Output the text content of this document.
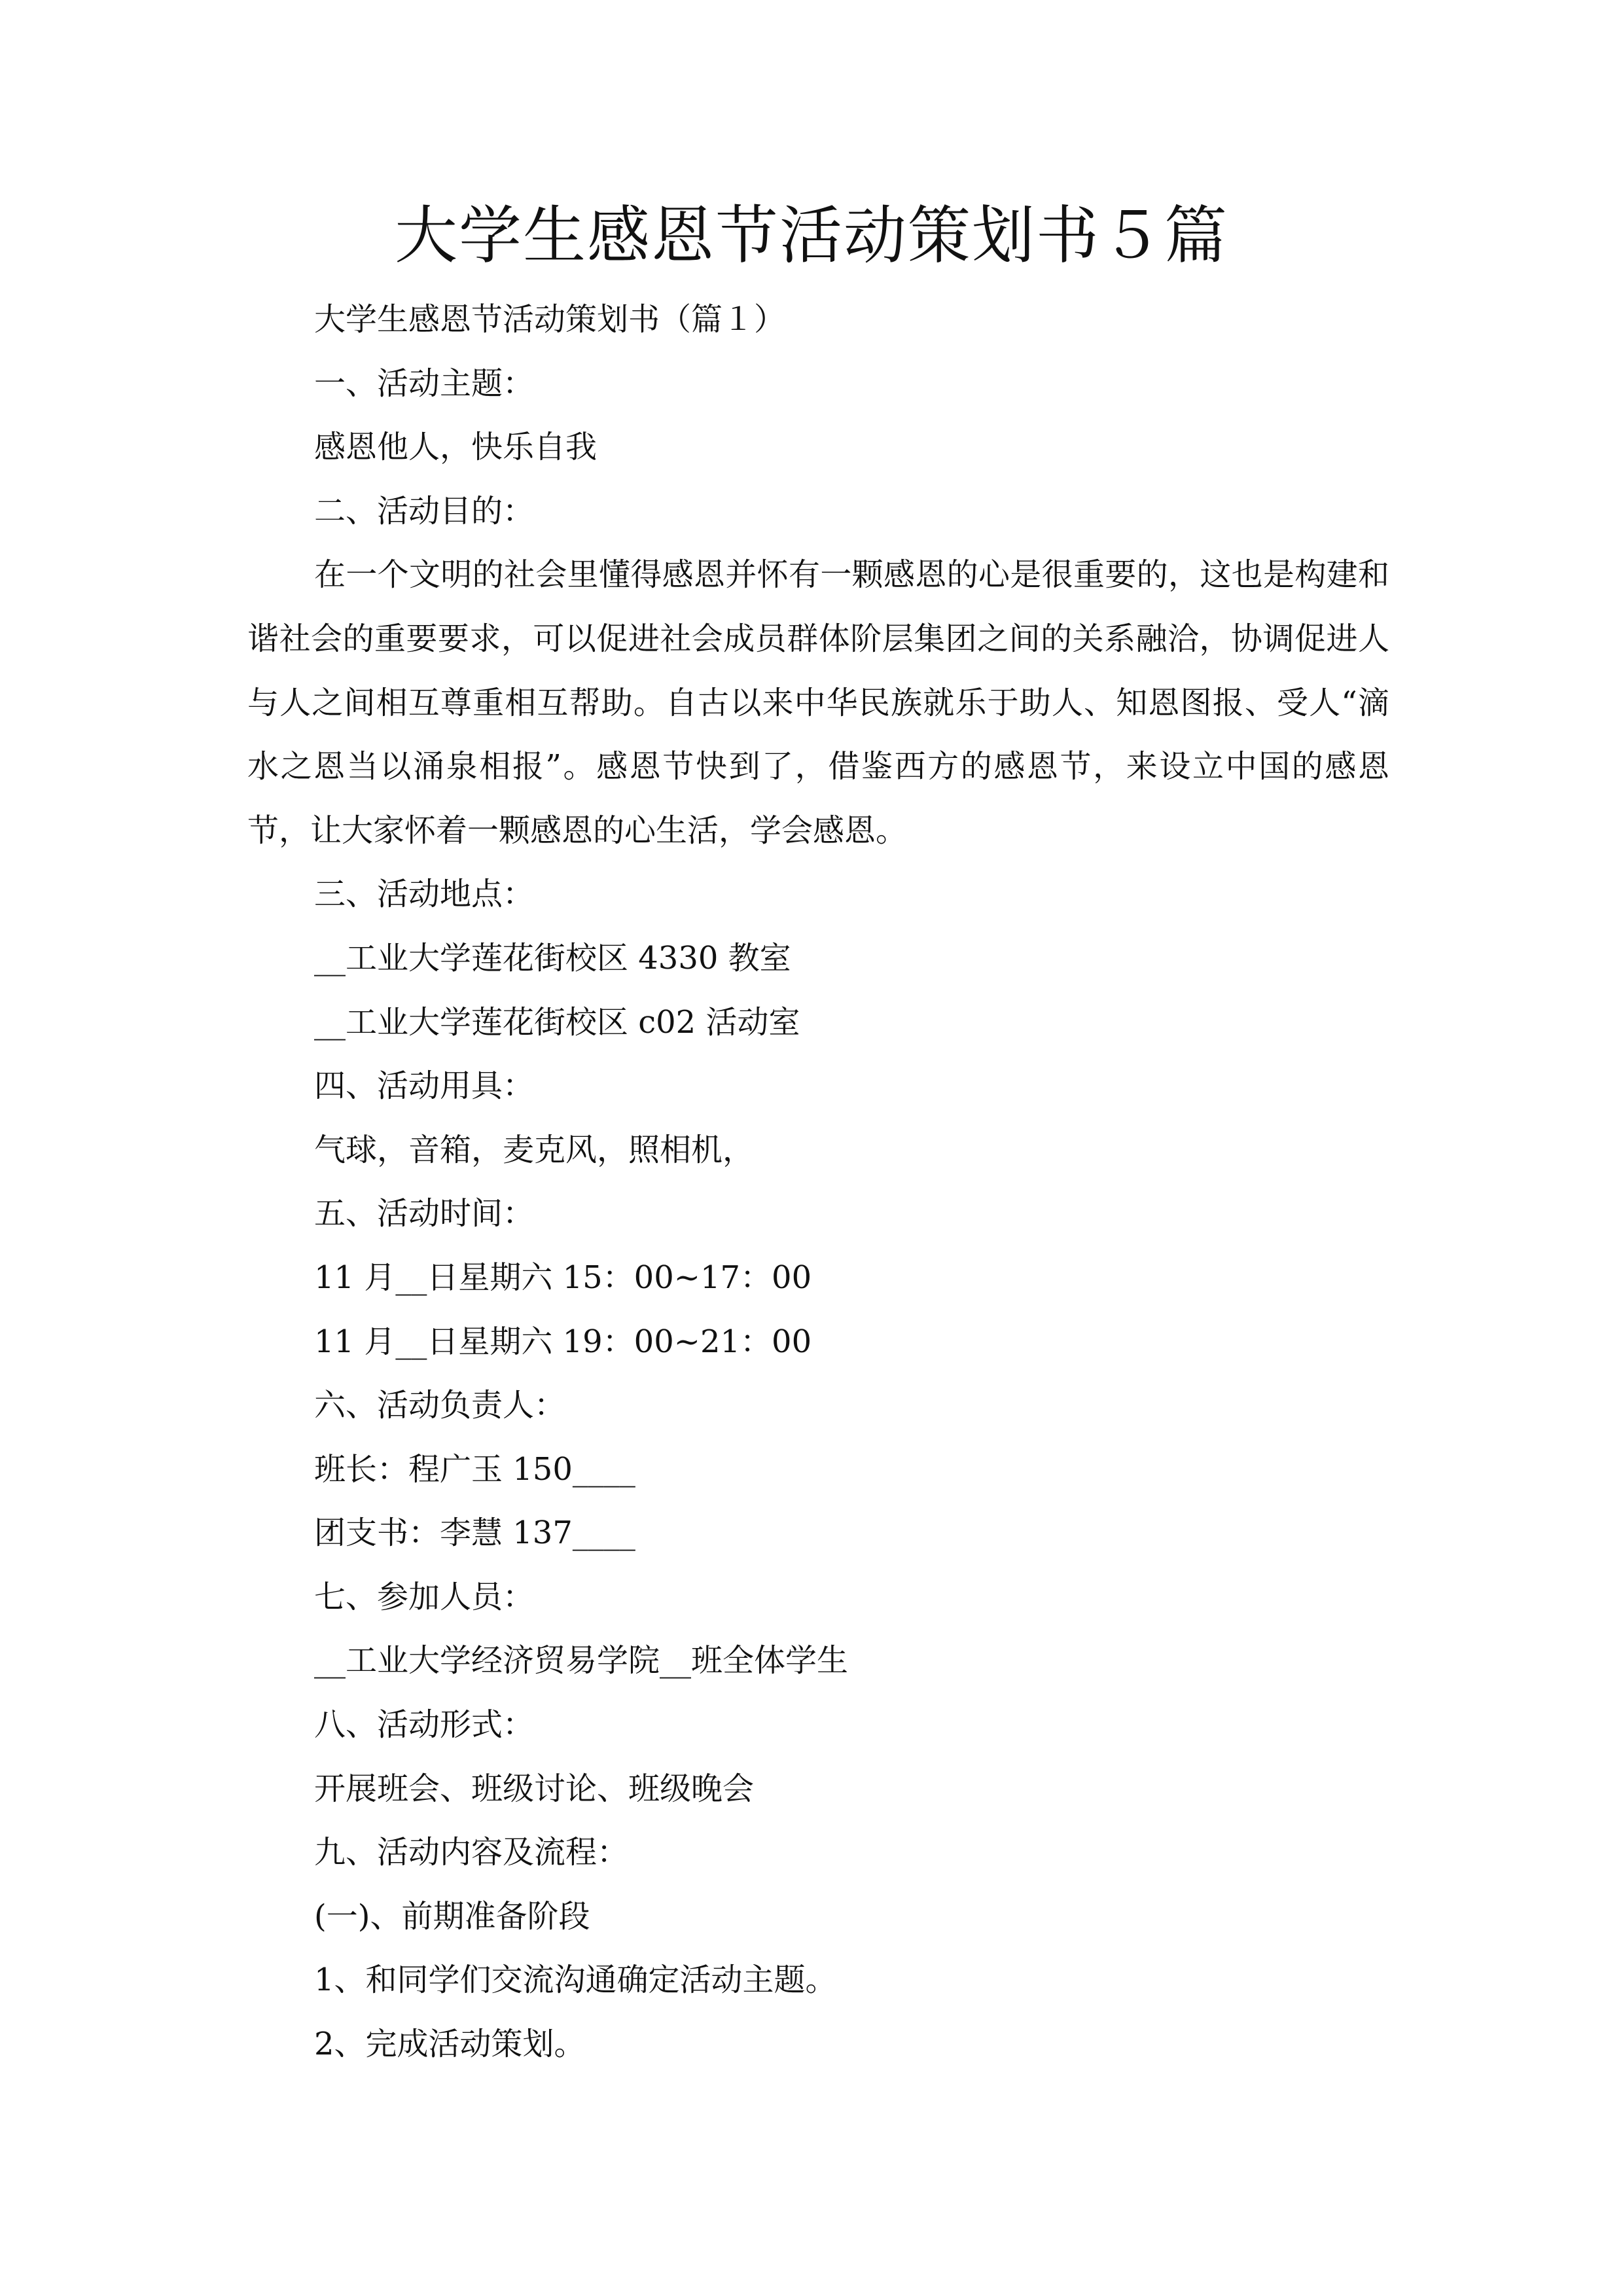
大学生感恩节活动策划书５篇

大学生感恩节活动策划书（篇１）

一、活动主题：

感恩他人，快乐自我

二、活动目的：

在一个文明的社会里懂得感恩并怀有一颗感恩的心是很重要的，这也是构建和谐社会的重要要求，可以促进社会成员群体阶层集团之间的关系融洽，协调促进人与人之间相互尊重相互帮助。自古以来中华民族就乐于助人、知恩图报、受人“滴水之恩当以涌泉相报”。感恩节快到了，借鉴西方的感恩节，来设立中国的感恩节，让大家怀着一颗感恩的心生活，学会感恩。

三、活动地点：

__工业大学莲花街校区 4330 教室

__工业大学莲花街校区 c02 活动室

四、活动用具：

气球，音箱，麦克风，照相机，

五、活动时间：

11 月__日星期六 15：00~17：00

11 月__日星期六 19：00~21：00

六、活动负责人：

班长：程广玉 150____

团支书：李慧 137____

七、参加人员：

__工业大学经济贸易学院__班全体学生

八、活动形式：

开展班会、班级讨论、班级晚会

九、活动内容及流程：

(一)、前期准备阶段

1、和同学们交流沟通确定活动主题。

2、完成活动策划。
